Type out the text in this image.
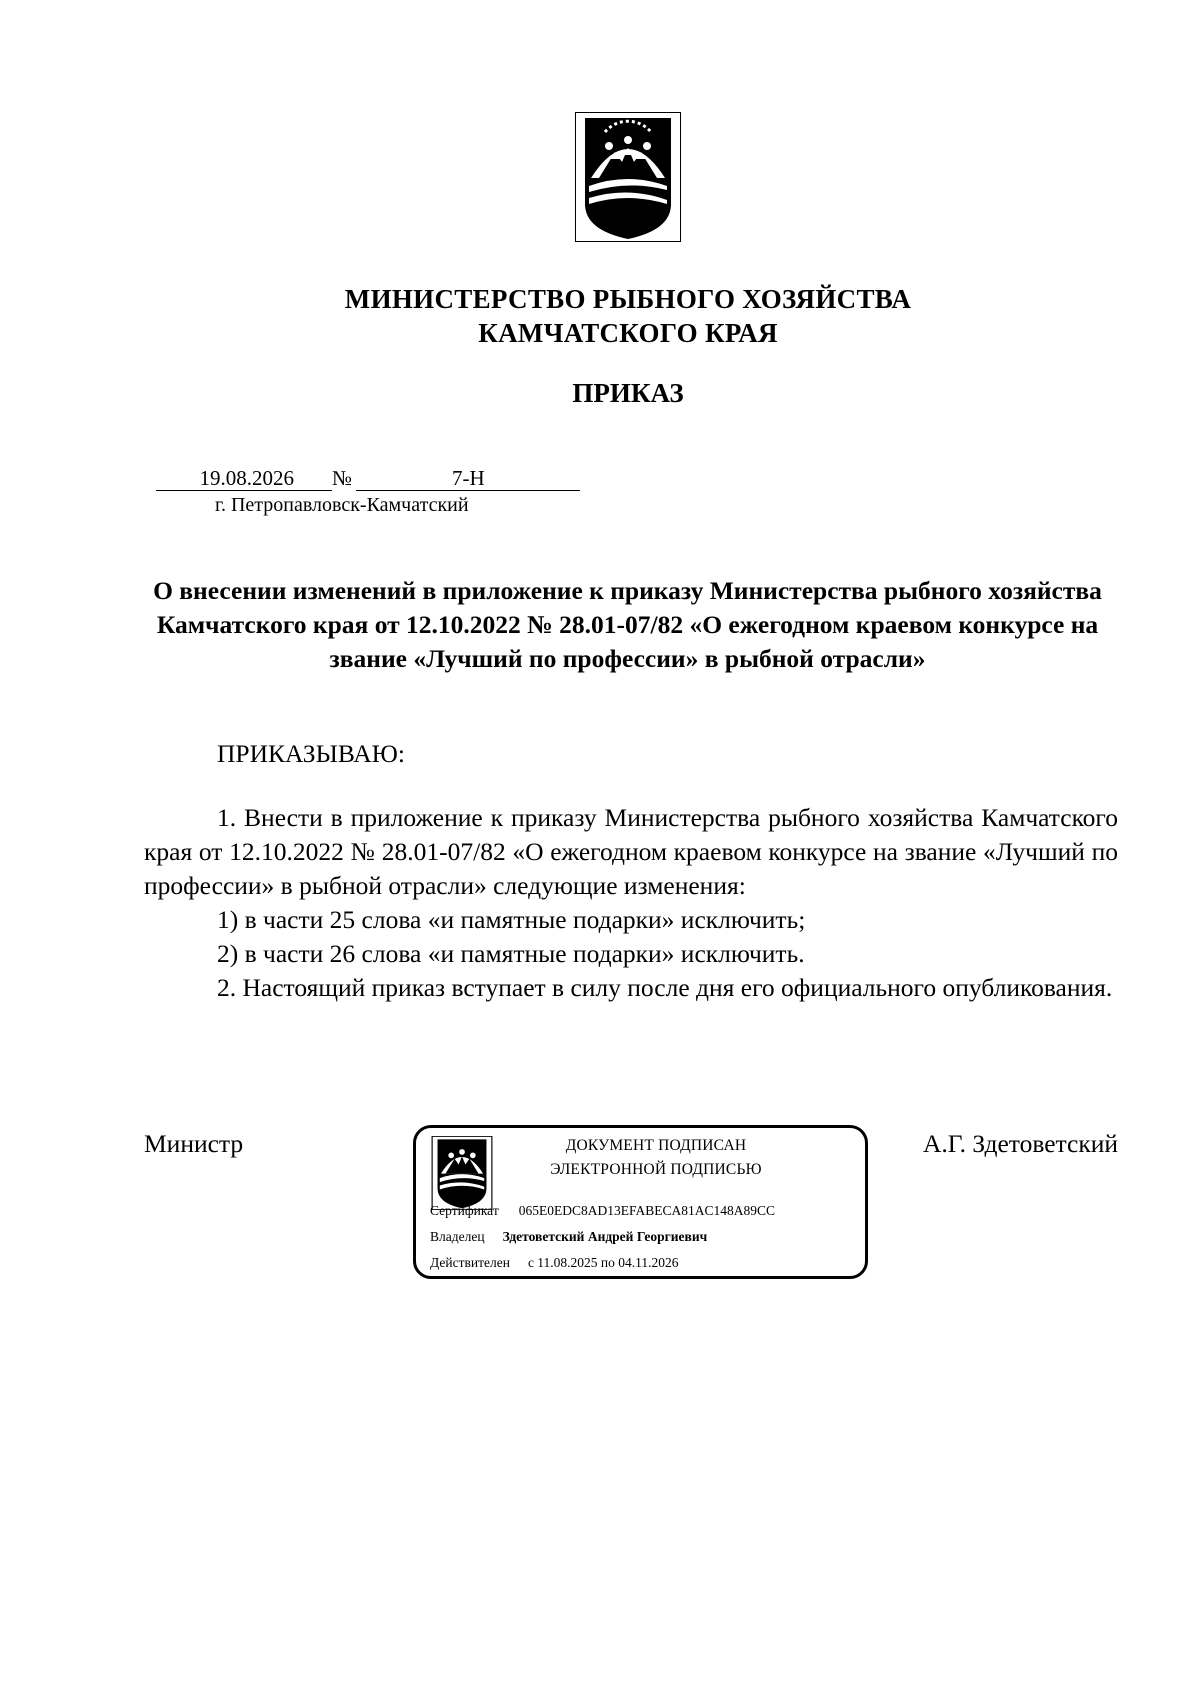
МИНИСТЕРСТВО РЫБНОГО ХОЗЯЙСТВА
КАМЧАТСКОГО КРАЯ
ПРИКАЗ
19.08.2026	№	7-Н
г. Петропавловск-Камчатский
О внесении изменений в приложение к приказу Министерства рыбного хозяйства Камчатского края от 12.10.2022 № 28.01-07/82 «О ежегодном краевом конкурсе на звание «Лучший по профессии» в рыбной отрасли»
ПРИКАЗЫВАЮ:
1. Внести в приложение к приказу Министерства рыбного хозяйства Камчатского края от 12.10.2022 № 28.01-07/82 «О ежегодном краевом конкурсе на звание «Лучший по профессии» в рыбной отрасли» следующие изменения:
1) в части 25 слова «и памятные подарки» исключить;
2) в части 26 слова «и памятные подарки» исключить.
2. Настоящий приказ вступает в силу после дня его официального опубликования.
Министр	А.Г. Здетоветский
ДОКУМЕНТ ПОДПИСАН
ЭЛЕКТРОННОЙ ПОДПИСЬЮ
Сертификат 065E0EDC8AD13EFABECA81AC148A89CC
Владелец Здетоветский Андрей Георгиевич
Действителен с 11.08.2025 по 04.11.2026
